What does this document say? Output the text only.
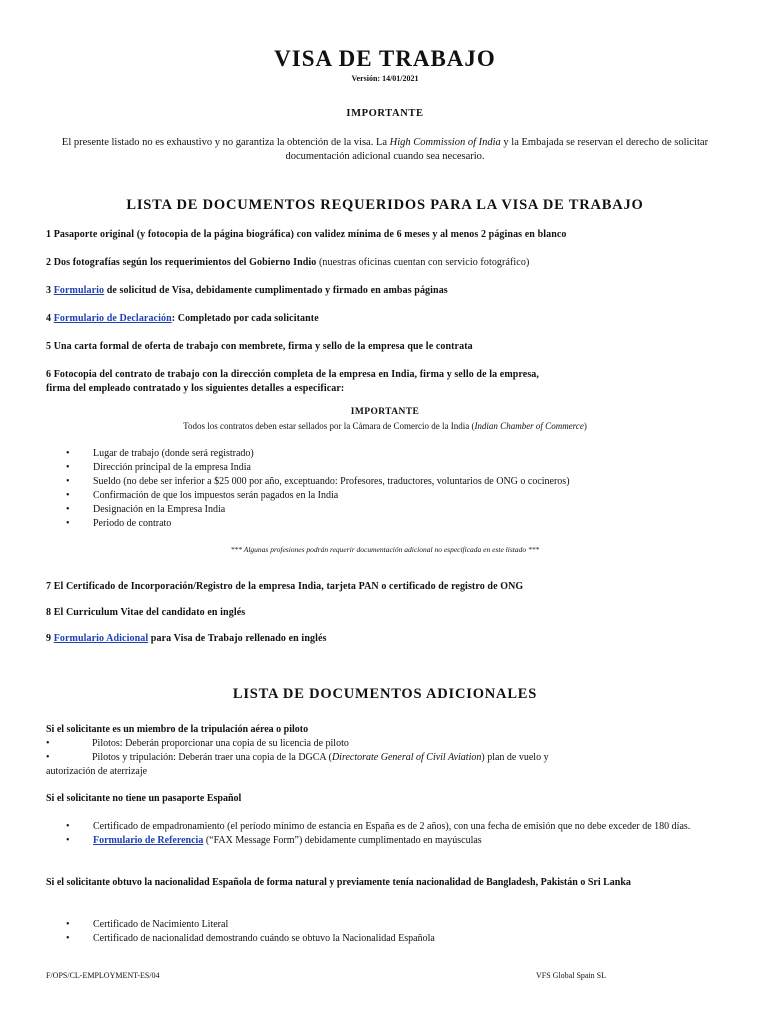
VISA DE TRABAJO
Versión: 14/01/2021
IMPORTANTE
El presente listado no es exhaustivo y no garantiza la obtención de la visa. La High Commission of India y la Embajada se reservan el derecho de solicitar documentación adicional cuando sea necesario.
LISTA DE DOCUMENTOS REQUERIDOS PARA LA VISA DE TRABAJO
1 Pasaporte original (y fotocopia de la página biográfica) con validez mínima de 6 meses y al menos 2 páginas en blanco
2 Dos fotografías según los requerimientos del Gobierno Indio (nuestras oficinas cuentan con servicio fotográfico)
3 Formulario de solicitud de Visa, debidamente cumplimentado y firmado en ambas páginas
4 Formulario de Declaración: Completado por cada solicitante
5 Una carta formal de oferta de trabajo con membrete, firma y sello de la empresa que le contrata
6 Fotocopia del contrato de trabajo con la dirección completa de la empresa en India, firma y sello de la empresa,
firma del empleado contratado y los siguientes detalles a especificar:
IMPORTANTE
Todos los contratos deben estar sellados por la Cámara de Comercio de la India (Indian Chamber of Commerce)
• Lugar de trabajo (donde será registrado)
• Dirección principal de la empresa India
• Sueldo (no debe ser inferior a $25 000 por año, exceptuando: Profesores, traductores, voluntarios de ONG o cocineros)
• Confirmación de que los impuestos serán pagados en la India
• Designación en la Empresa India
• Periodo de contrato
*** Algunas profesiones podrán requerir documentación adicional no especificada en este listado ***
7 El Certificado de Incorporación/Registro de la empresa India, tarjeta PAN o certificado de registro de ONG
8 El Curriculum Vitae del candidato en inglés
9 Formulario Adicional para Visa de Trabajo rellenado en inglés
LISTA DE DOCUMENTOS ADICIONALES
Si el solicitante es un miembro de la tripulación aérea o piloto
•	Pilotos: Deberán proporcionar una copia de su licencia de piloto
•	Pilotos y tripulación: Deberán traer una copia de la DGCA (Directorate General of Civil Aviation) plan de vuelo y
autorización de aterrizaje
Si el solicitante no tiene un pasaporte Español
• Certificado de empadronamiento (el período mínimo de estancia en España es de 2 años), con una fecha de emisión que no debe exceder de 180 días.
• Formulario de Referencia (“FAX Message Form”) debidamente cumplimentado en mayúsculas
Si el solicitante obtuvo la nacionalidad Española de forma natural y previamente tenía nacionalidad de Bangladesh, Pakistán o Sri Lanka
• Certificado de Nacimiento Literal
• Certificado de nacionalidad demostrando cuándo se obtuvo la Nacionalidad Española
F/OPS/CL-EMPLOYMENT-ES/04	VFS Global Spain SL
